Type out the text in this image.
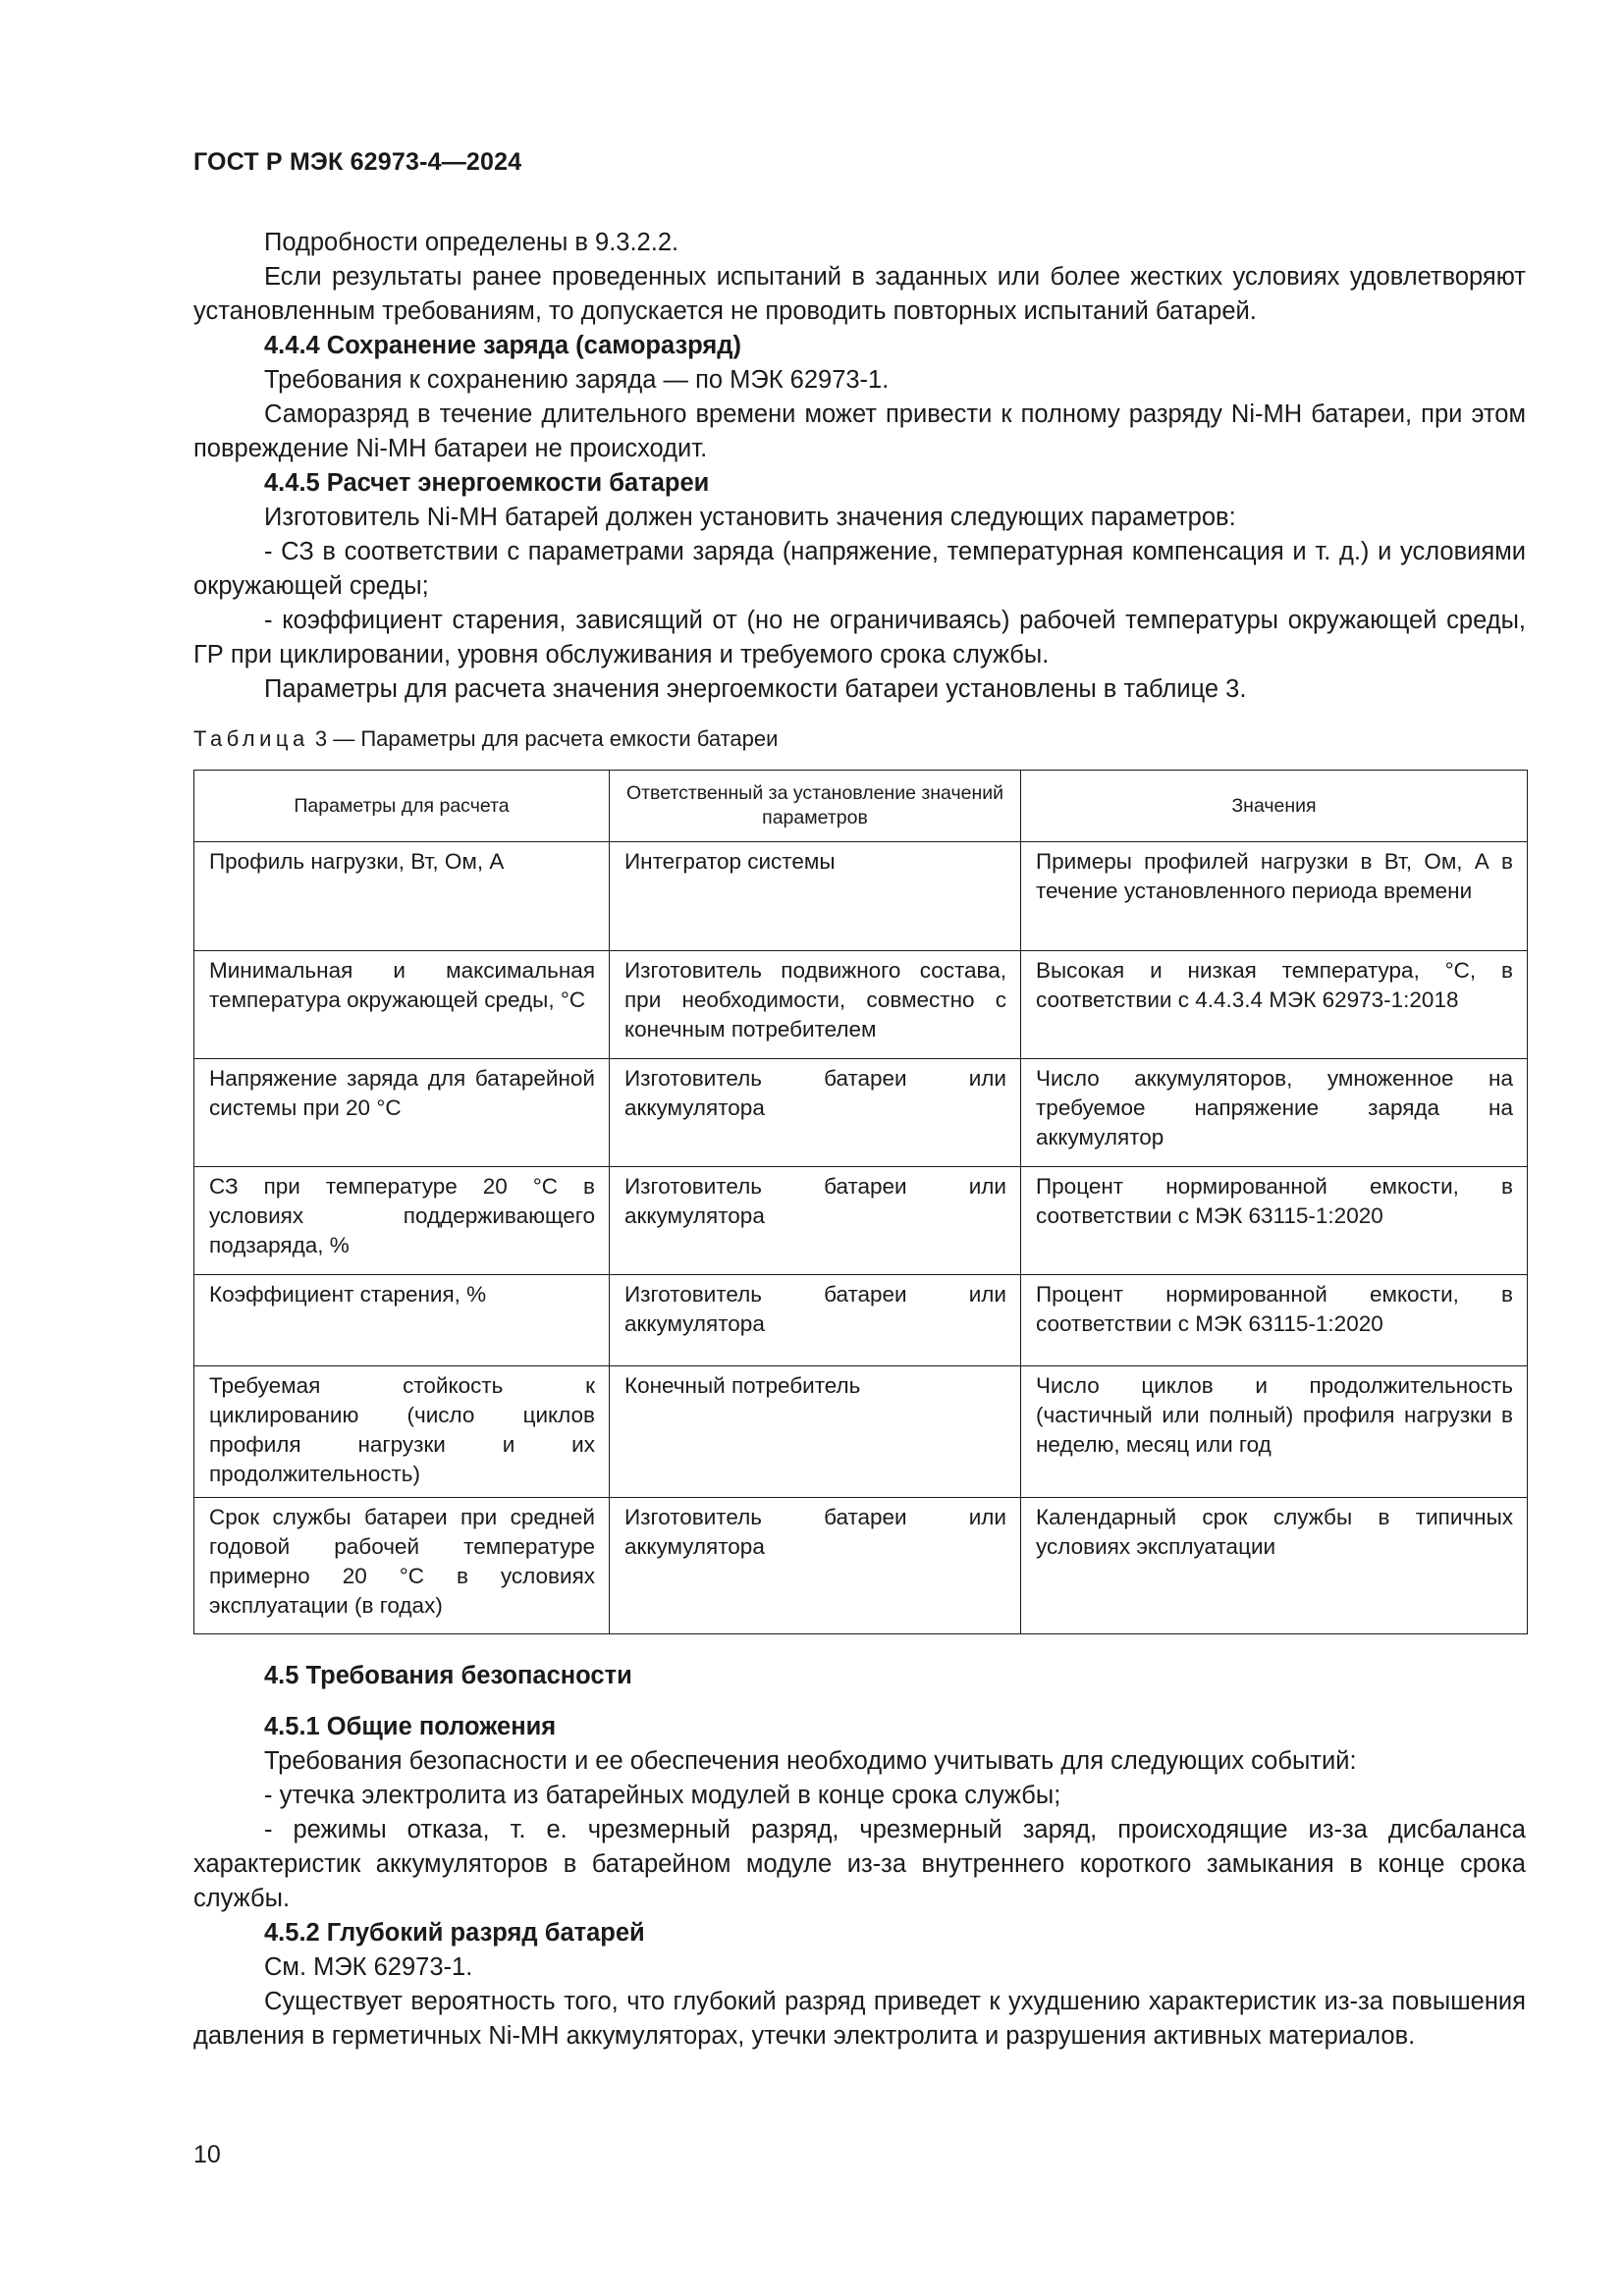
ГОСТ Р МЭК 62973-4—2024

Подробности определены в 9.3.2.2.

Если результаты ранее проведенных испытаний в заданных или более жестких условиях удовлетворяют установленным требованиям, то допускается не проводить повторных испытаний батарей.

4.4.4 Сохранение заряда (саморазряд)

Требования к сохранению заряда — по МЭК 62973-1.

Саморазряд в течение длительного времени может привести к полному разряду Ni-MH батареи, при этом повреждение Ni-MH батареи не происходит.

4.4.5 Расчет энергоемкости батареи

Изготовитель Ni-MH батарей должен установить значения следующих параметров:

- СЗ в соответствии с параметрами заряда (напряжение, температурная компенсация и т. д.) и условиями окружающей среды;

- коэффициент старения, зависящий от (но не ограничиваясь) рабочей температуры окружающей среды, ГР при циклировании, уровня обслуживания и требуемого срока службы.

Параметры для расчета значения энергоемкости батареи установлены в таблице 3.

Таблица 3 — Параметры для расчета емкости батареи
Параметры для расчета	Ответственный за установление значений параметров	Значения
Профиль нагрузки, Вт, Ом, А	Интегратор системы	Примеры профилей нагрузки в Вт, Ом, А в течение установленного периода времени
Минимальная и максимальная температура окружающей среды, °С	Изготовитель подвижного состава, при необходимости, совместно с конечным потребителем	Высокая и низкая температура, °С, в соответствии с 4.4.3.4 МЭК 62973-1:2018
Напряжение заряда для батарейной системы при 20 °С	Изготовитель батареи или аккумулятора	Число аккумуляторов, умноженное на требуемое напряжение заряда на аккумулятор
СЗ при температуре 20 °С в условиях поддерживающего подзаряда, %	Изготовитель батареи или аккумулятора	Процент нормированной емкости, в соответствии с МЭК 63115-1:2020
Коэффициент старения, %	Изготовитель батареи или аккумулятора	Процент нормированной емкости, в соответствии с МЭК 63115-1:2020
Требуемая стойкость к циклированию (число циклов профиля нагрузки и их продолжительность)	Конечный потребитель	Число циклов и продолжительность (частичный или полный) профиля нагрузки в неделю, месяц или год
Срок службы батареи при средней годовой рабочей температуре примерно 20 °С в условиях эксплуатации (в годах)	Изготовитель батареи или аккумулятора	Календарный срок службы в типичных условиях эксплуатации

4.5 Требования безопасности

4.5.1 Общие положения

Требования безопасности и ее обеспечения необходимо учитывать для следующих событий:

- утечка электролита из батарейных модулей в конце срока службы;

- режимы отказа, т. е. чрезмерный разряд, чрезмерный заряд, происходящие из-за дисбаланса характеристик аккумуляторов в батарейном модуле из-за внутреннего короткого замыкания в конце срока службы.

4.5.2 Глубокий разряд батарей

См. МЭК 62973-1.

Существует вероятность того, что глубокий разряд приведет к ухудшению характеристик из-за повышения давления в герметичных Ni-MH аккумуляторах, утечки электролита и разрушения активных материалов.

10
